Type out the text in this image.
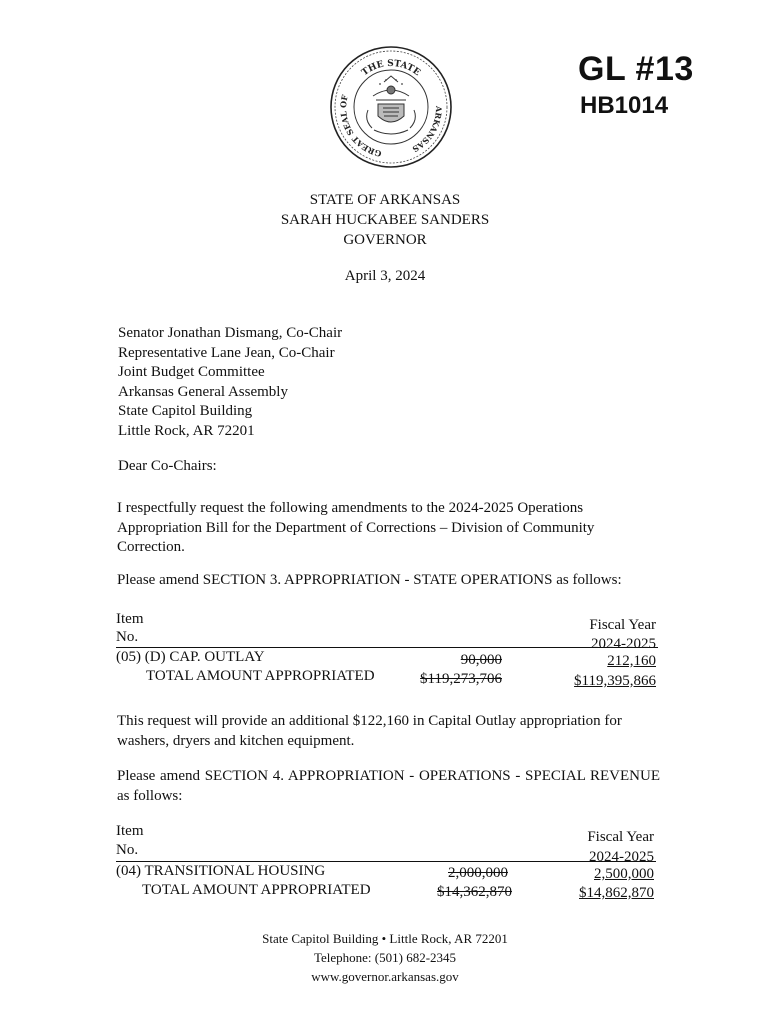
THE STATE
GREAT SEAL OF
ARKANSAS
GL #13
HB1014
STATE OF ARKANSAS
SARAH HUCKABEE SANDERS
GOVERNOR
April 3, 2024
Senator Jonathan Dismang, Co-Chair
Representative Lane Jean, Co-Chair
Joint Budget Committee
Arkansas General Assembly
State Capitol Building
Little Rock, AR 72201
Dear Co-Chairs:
I respectfully request the following amendments to the 2024-2025 Operations Appropriation Bill for the Department of Corrections – Division of Community Correction.
Please amend SECTION 3. APPROPRIATION - STATE OPERATIONS as follows:
Item
No.
Fiscal Year
2024-2025
(05) (D) CAP. OUTLAY	90,000	212,160
TOTAL AMOUNT APPROPRIATED	$119,273,706	$119,395,866
This request will provide an additional $122,160 in Capital Outlay appropriation for washers, dryers and kitchen equipment.
Please amend SECTION 4. APPROPRIATION - OPERATIONS - SPECIAL REVENUE as follows:
Item
No.
Fiscal Year
2024-2025
(04) TRANSITIONAL HOUSING	2,000,000	2,500,000
TOTAL AMOUNT APPROPRIATED	$14,362,870	$14,862,870
State Capitol Building • Little Rock, AR 72201
Telephone: (501) 682-2345
www.governor.arkansas.gov
